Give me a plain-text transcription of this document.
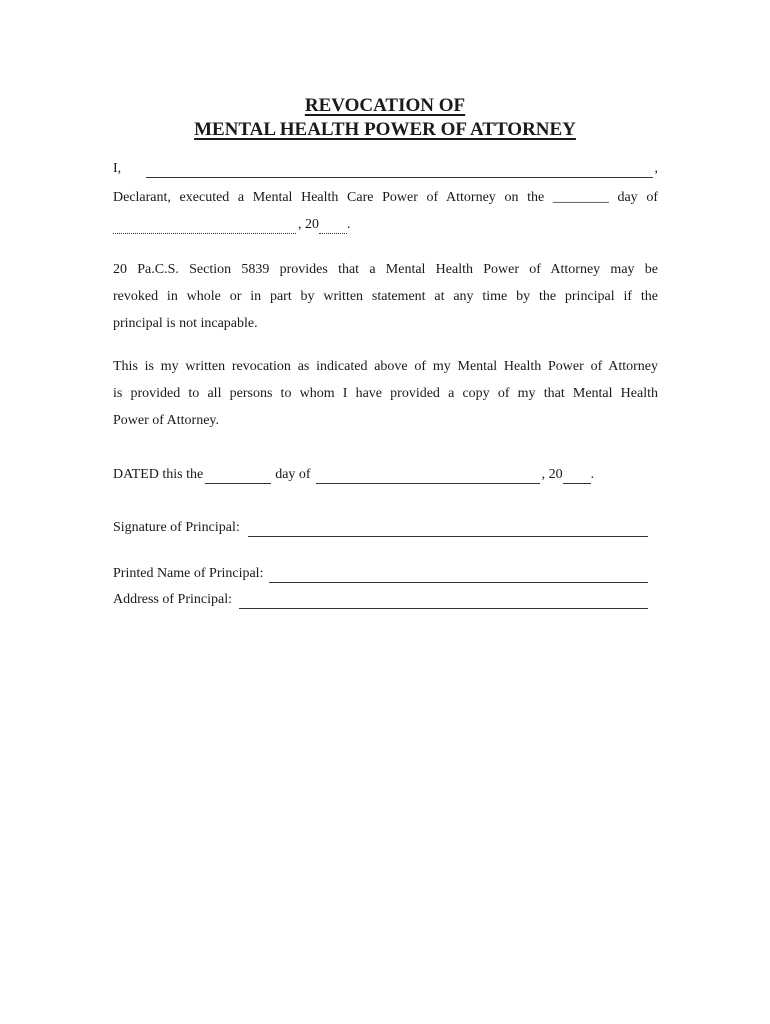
REVOCATION OF
MENTAL HEALTH POWER OF ATTORNEY
I,	,
Declarant, executed a Mental Health Care Power of Attorney on the ________ day of
, 20 .
20 Pa.C.S. Section 5839 provides that a Mental Health Power of Attorney may be
revoked in whole or in part by written statement at any time by the principal if the
principal is not incapable.
This is my written revocation as indicated above of my Mental Health Power of Attorney
is provided to all persons to whom I have provided a copy of my that Mental Health
Power of Attorney.
DATED this the	day of	, 20 .
Signature of Principal:
Printed Name of Principal:
Address of Principal:
